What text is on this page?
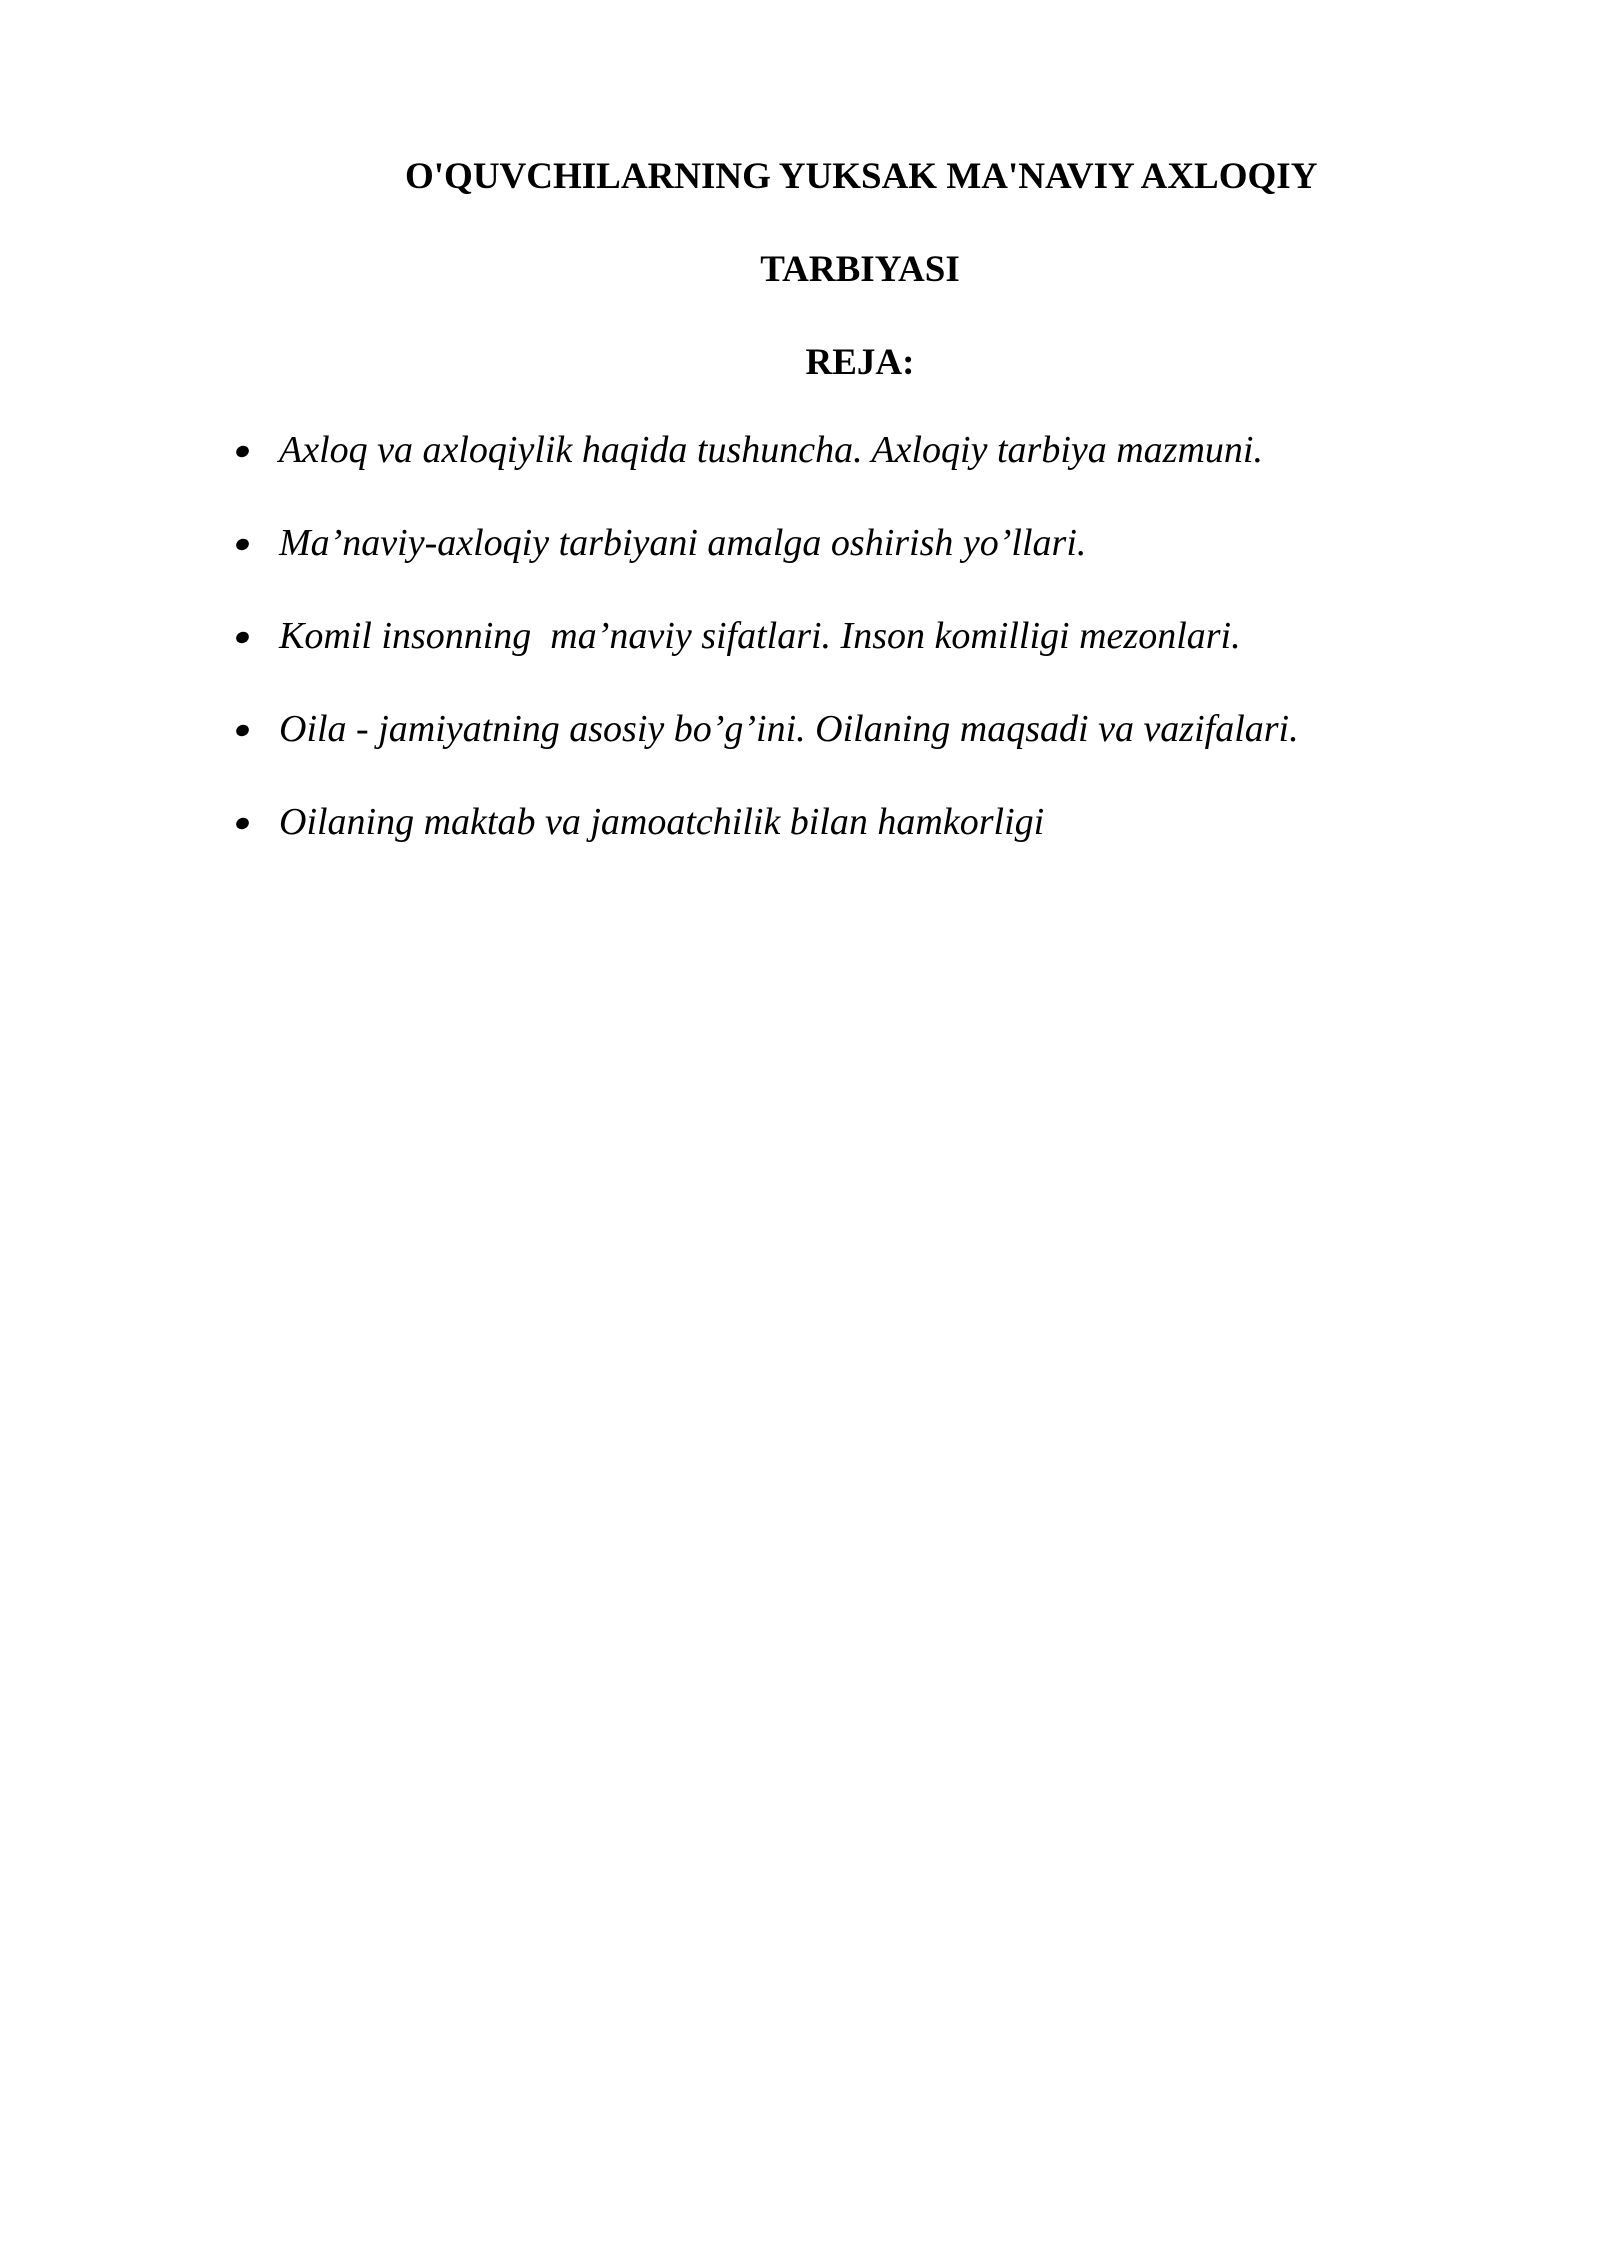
O'QUVCHILARNING YUKSAK MA'NAVIY AXLOQIY
TARBIYASI
REJA:
Axloq va axloqiylik haqida tushuncha. Axloqiy tarbiya mazmuni.
Ma’naviy-axloqiy tarbiyani amalga oshirish yo’llari.
Komil insonning  ma’naviy sifatlari. Inson komilligi mezonlari.
Oila - jamiyatning asosiy bo’g’ini. Oilaning maqsadi va vazifalari.
Oilaning maktab va jamoatchilik bilan hamkorligi
